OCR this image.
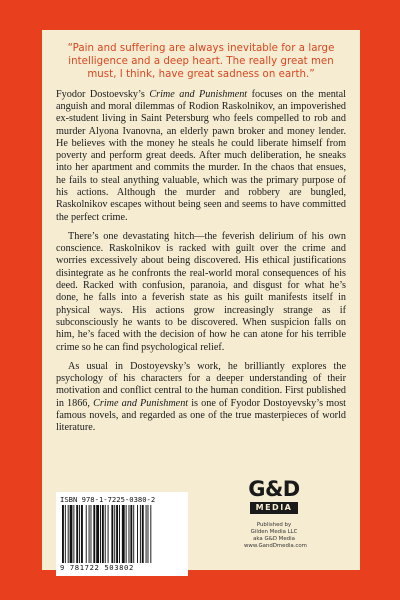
“Pain and suffering are always inevitable for a large
intelligence and a deep heart. The really great men
must, I think, have great sadness on earth.”

Fyodor Dostoevsky’s Crime and Punishment focuses on the mental anguish and moral dilemmas of Rodion Raskolnikov, an impoverished ex-student living in Saint Petersburg who feels compelled to rob and murder Alyona Ivanovna, an elderly pawn broker and money lender. He believes with the money he steals he could liberate himself from poverty and perform great deeds. After much deliberation, he sneaks into her apartment and commits the murder. In the chaos that ensues, he fails to steal anything valuable, which was the primary purpose of his actions. Although the murder and robbery are bungled, Raskolnikov escapes without being seen and seems to have committed the perfect crime.

There’s one devastating hitch—the feverish delirium of his own conscience. Raskolnikov is racked with guilt over the crime and worries excessively about being discovered. His ethical justifications disintegrate as he confronts the real-world moral consequences of his deed. Racked with confusion, paranoia, and disgust for what he’s done, he falls into a feverish state as his guilt manifests itself in physical ways. His actions grow increasingly strange as if subconsciously he wants to be discovered. When suspicion falls on him, he’s faced with the decision of how he can atone for his terrible crime so he can find psychological relief.

As usual in Dostoyevsky’s work, he brilliantly explores the psychology of his characters for a deeper understanding of their motivation and conflict central to the human condition. First published in 1866, Crime and Punishment is one of Fyodor Dostoyevsky’s most famous novels, and regarded as one of the true masterpieces of world literature.

ISBN 978-1-7225-0380-2
9 781722 503802
G&D
MEDIA
Published by
Gilden Media LLC
aka G&D Media
www.GandDmedia.com
